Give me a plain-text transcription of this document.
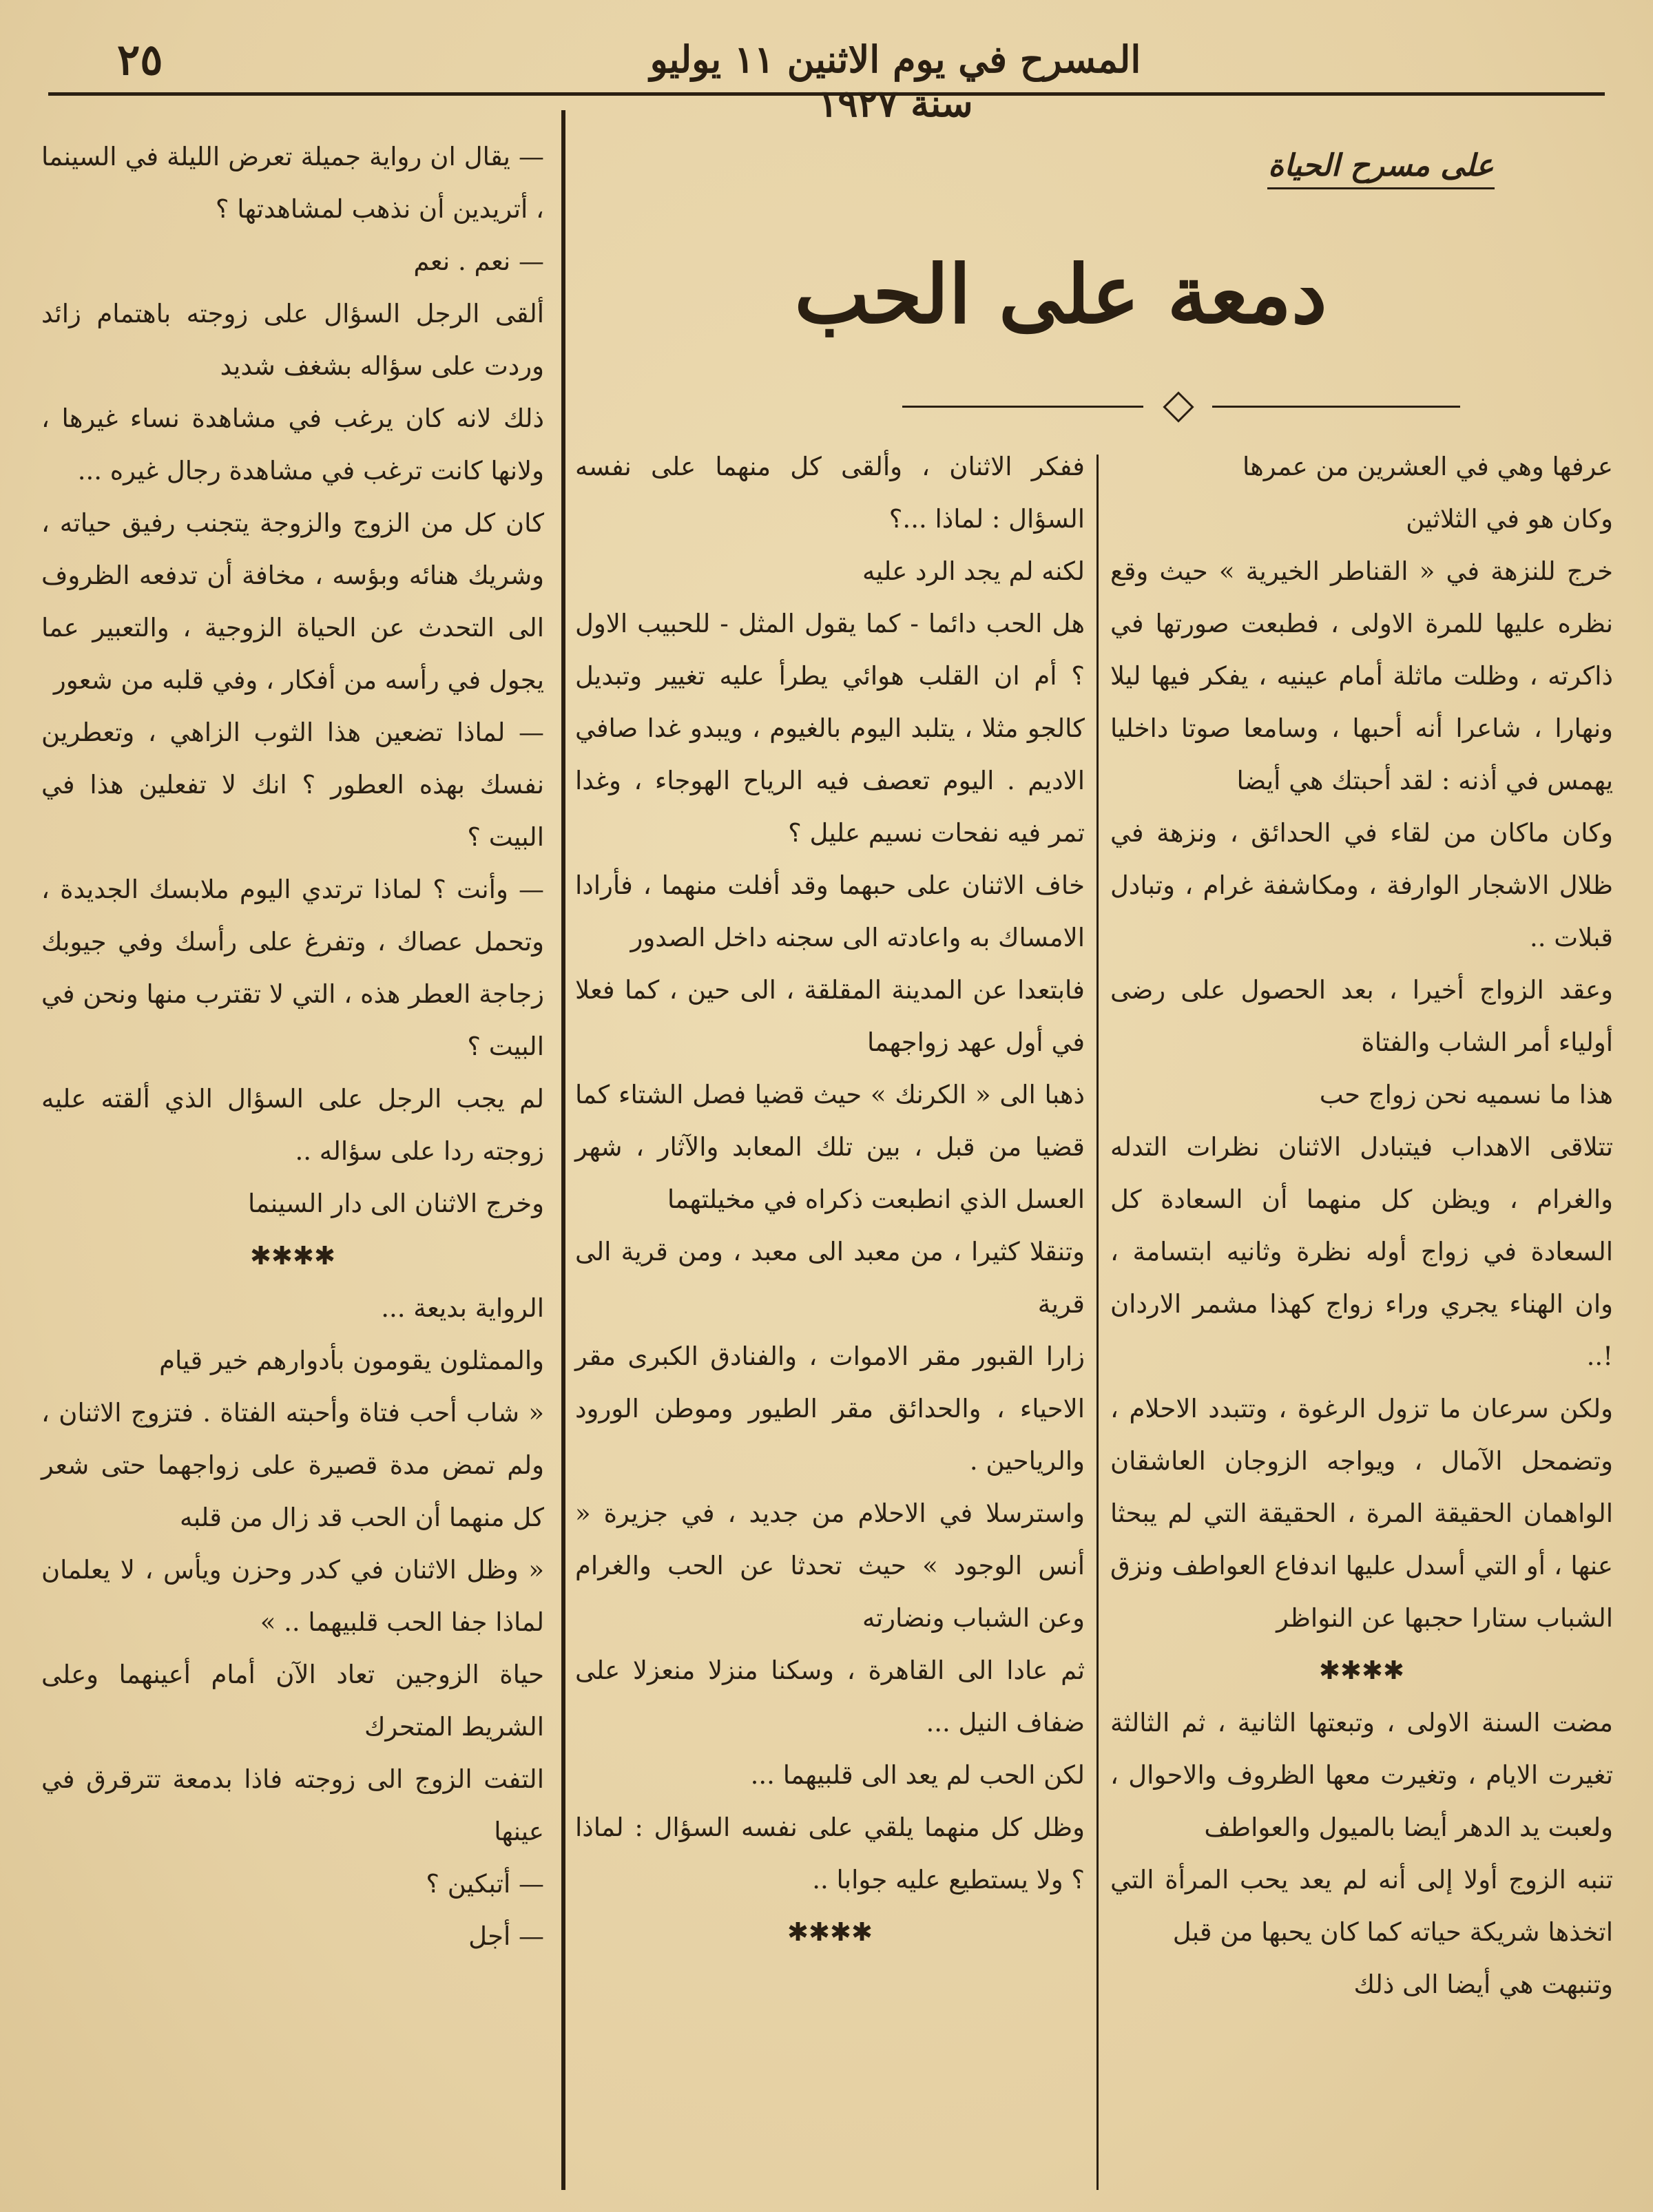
٢٥	المسرح في يوم الاثنين ١١ يوليو سنة ١٩٢٧
على مسرح الحياة
دمعة على الحب

عرفها وهي في العشرين من عمرها

وكان هو في الثلاثين

خرج للنزهة في « القناطر الخيرية » حيث وقع نظره عليها للمرة الاولى ، فطبعت صورتها في ذاكرته ، وظلت ماثلة أمام عينيه ، يفكر فيها ليلا ونهارا ، شاعرا أنه أحبها ، وسامعا صوتا داخليا يهمس في أذنه : لقد أحبتك هي أيضا

وكان ماكان من لقاء في الحدائق ، ونزهة في ظلال الاشجار الوارفة ، ومكاشفة غرام ، وتبادل قبلات ..

وعقد الزواج أخيرا ، بعد الحصول على رضى أولياء أمر الشاب والفتاة

هذا ما نسميه نحن زواج حب

تتلاقى الاهداب فيتبادل الاثنان نظرات التدله والغرام ، ويظن كل منهما أن السعادة كل السعادة في زواج أوله نظرة وثانيه ابتسامة ، وان الهناء يجري وراء زواج كهذا مشمر الاردان !..

ولكن سرعان ما تزول الرغوة ، وتتبدد الاحلام ، وتضمحل الآمال ، ويواجه الزوجان العاشقان الواهمان الحقيقة المرة ، الحقيقة التي لم يبحثا عنها ، أو التي أسدل عليها اندفاع العواطف ونزق الشباب ستارا حجبها عن النواظر

✱✱✱✱

مضت السنة الاولى ، وتبعتها الثانية ، ثم الثالثة تغيرت الايام ، وتغيرت معها الظروف والاحوال ، ولعبت يد الدهر أيضا بالميول والعواطف

تنبه الزوج أولا إلى أنه لم يعد يحب المرأة التي اتخذها شريكة حياته كما كان يحبها من قبل

وتنبهت هي أيضا الى ذلك

ففكر الاثنان ، وألقى كل منهما على نفسه السؤال : لماذا ...؟

لكنه لم يجد الرد عليه

هل الحب دائما - كما يقول المثل - للحبيب الاول ؟ أم ان القلب هوائي يطرأ عليه تغيير وتبديل كالجو مثلا ، يتلبد اليوم بالغيوم ، ويبدو غدا صافي الاديم . اليوم تعصف فيه الرياح الهوجاء ، وغدا تمر فيه نفحات نسيم عليل ؟

خاف الاثنان على حبهما وقد أفلت منهما ، فأرادا الامساك به واعادته الى سجنه داخل الصدور

فابتعدا عن المدينة المقلقة ، الى حين ، كما فعلا في أول عهد زواجهما

ذهبا الى « الكرنك » حيث قضيا فصل الشتاء كما قضيا من قبل ، بين تلك المعابد والآثار ، شهر العسل الذي انطبعت ذكراه في مخيلتهما

وتنقلا كثيرا ، من معبد الى معبد ، ومن قرية الى قرية

زارا القبور مقر الاموات ، والفنادق الكبرى مقر الاحياء ، والحدائق مقر الطيور وموطن الورود والرياحين .

واسترسلا في الاحلام من جديد ، في جزيرة « أنس الوجود » حيث تحدثا عن الحب والغرام وعن الشباب ونضارته

ثم عادا الى القاهرة ، وسكنا منزلا منعزلا على ضفاف النيل ...

لكن الحب لم يعد الى قلبيهما ...

وظل كل منهما يلقي على نفسه السؤال : لماذا ؟ ولا يستطيع عليه جوابا ..

✱✱✱✱

— يقال ان رواية جميلة تعرض الليلة في السينما ، أتريدين أن نذهب لمشاهدتها ؟

— نعم . نعم

ألقى الرجل السؤال على زوجته باهتمام زائد وردت على سؤاله بشغف شديد

ذلك لانه كان يرغب في مشاهدة نساء غيرها ، ولانها كانت ترغب في مشاهدة رجال غيره ...

كان كل من الزوج والزوجة يتجنب رفيق حياته ، وشريك هنائه وبؤسه ، مخافة أن تدفعه الظروف الى التحدث عن الحياة الزوجية ، والتعبير عما يجول في رأسه من أفكار ، وفي قلبه من شعور

— لماذا تضعين هذا الثوب الزاهي ، وتعطرين نفسك بهذه العطور ؟ انك لا تفعلين هذا في البيت ؟

— وأنت ؟ لماذا ترتدي اليوم ملابسك الجديدة ، وتحمل عصاك ، وتفرغ على رأسك وفي جيوبك زجاجة العطر هذه ، التي لا تقترب منها ونحن في البيت ؟

لم يجب الرجل على السؤال الذي ألقته عليه زوجته ردا على سؤاله ..

وخرج الاثنان الى دار السينما

✱✱✱✱

الرواية بديعة ...

والممثلون يقومون بأدوارهم خير قيام

« شاب أحب فتاة وأحبته الفتاة . فتزوج الاثنان ، ولم تمض مدة قصيرة على زواجهما حتى شعر كل منهما أن الحب قد زال من قلبه

« وظل الاثنان في كدر وحزن ويأس ، لا يعلمان لماذا جفا الحب قلبيهما .. »

حياة الزوجين تعاد الآن أمام أعينهما وعلى الشريط المتحرك

التفت الزوج الى زوجته فاذا بدمعة تترقرق في عينها

— أتبكين ؟

— أجل
